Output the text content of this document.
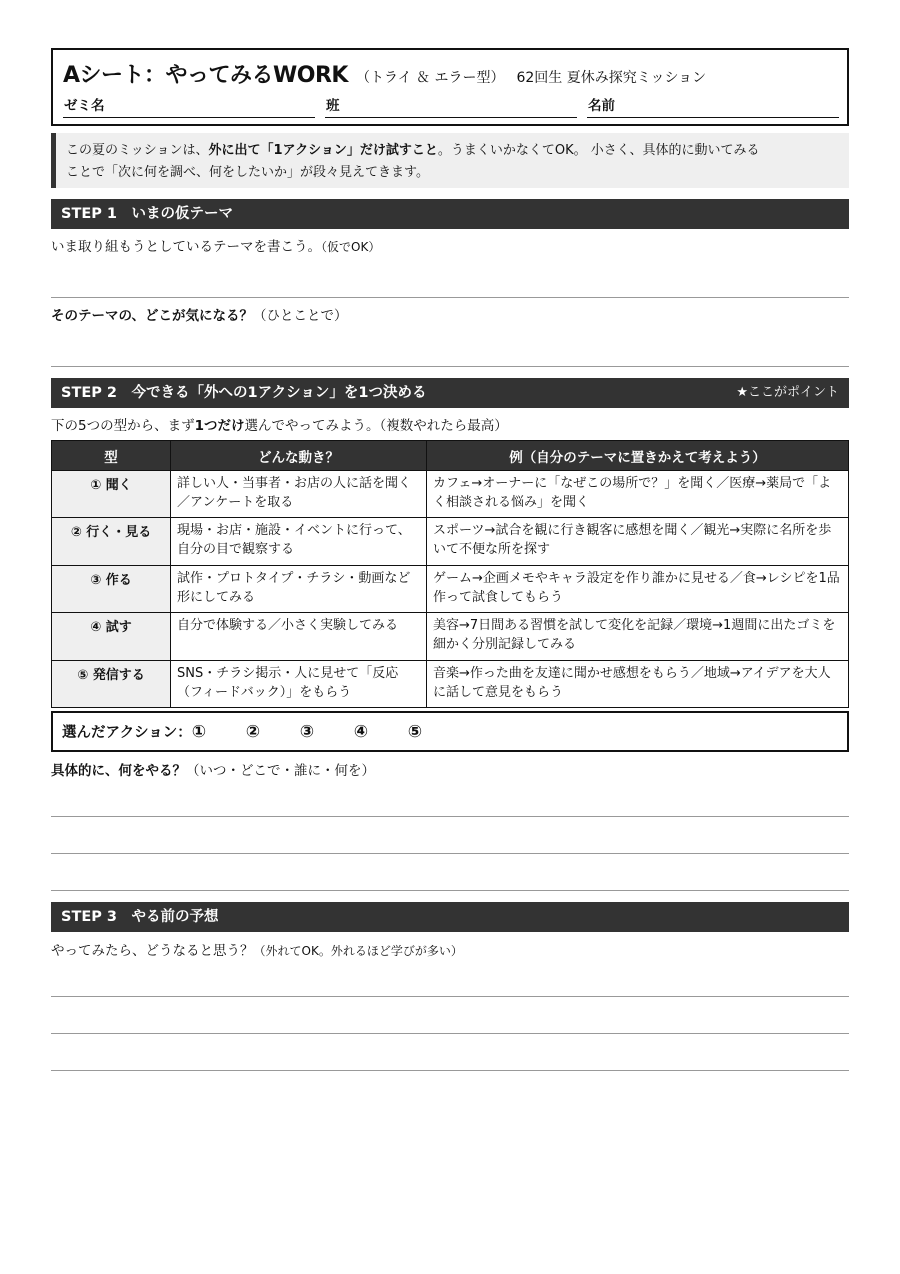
Aシート：やってみるWORK （トライ ＆ エラー型） 62回生 夏休み探究ミッション
ゼミ名	班	名前
この夏のミッションは、外に出て「1アクション」だけ試すこと。うまくいかなくてOK。 小さく、具体的に動いてみる
ことで「次に何を調べ、何をしたいか」が段々見えてきます。
STEP 1　いまの仮テーマ
いま取り組もうとしているテーマを書こう。（仮でOK）
そのテーマの、どこが気になる？（ひとことで）
STEP 2　今できる「外への1アクション」を1つ決める	★ここがポイント
下の5つの型から、まず1つだけ選んでやってみよう。（複数やれたら最高）
型	どんな動き？	例（自分のテーマに置きかえて考えよう）
① 聞く	詳しい人・当事者・お店の人に話を聞く／アンケートを取る	カフェ→オーナーに「なぜこの場所で？」を聞く／医療→薬局で「よく相談される悩み」を聞く
② 行く・見る	現場・お店・施設・イベントに行って、自分の目で観察する	スポーツ→試合を観に行き観客に感想を聞く／観光→実際に名所を歩いて不便な所を探す
③ 作る	試作・プロトタイプ・チラシ・動画など形にしてみる	ゲーム→企画メモやキャラ設定を作り誰かに見せる／食→レシピを1品作って試食してもらう
④ 試す	自分で体験する／小さく実験してみる	美容→7日間ある習慣を試して変化を記録／環境→1週間に出たゴミを細かく分別記録してみる
⑤ 発信する	SNS・チラシ掲示・人に見せて「反応（フィードバック）」をもらう	音楽→作った曲を友達に聞かせ感想をもらう／地域→アイデアを大人に話して意見をもらう
選んだアクション：① ② ③ ④ ⑤
具体的に、何をやる？（いつ・どこで・誰に・何を）
STEP 3　やる前の予想
やってみたら、どうなると思う？（外れてOK。外れるほど学びが多い）
